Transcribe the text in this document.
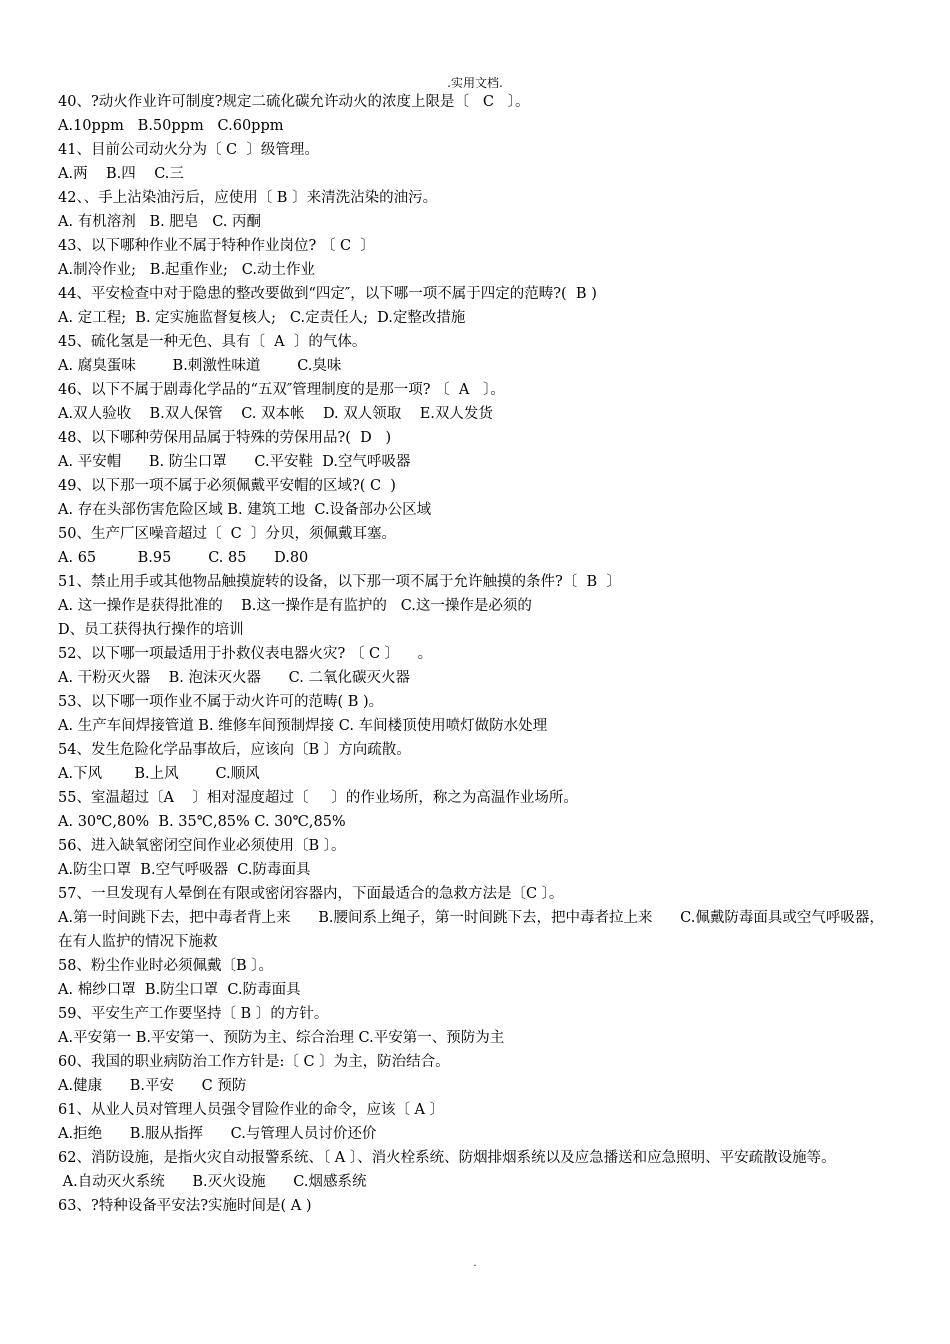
.实用文档.
40、?动火作业许可制度?规定二硫化碳允许动火的浓度上限是〔   C   〕。
A.10ppm   B.50ppm   C.60ppm
41、目前公司动火分为〔 C  〕级管理。
A.两    B.四    C.三
42、、手上沾染油污后，应使用〔 B 〕来清洗沾染的油污。
A. 有机溶剂   B. 肥皂   C. 丙酮
43、以下哪种作业不属于特种作业岗位? 〔 C  〕
A.制冷作业;   B.起重作业;   C.动土作业
44、平安检查中对于隐患的整改要做到“四定″，以下哪一项不属于四定的范畴?(  B )
A. 定工程;  B. 定实施监督复核人;   C.定责任人;  D.定整改措施
45、硫化氢是一种无色、具有〔  A  〕的气体。
A. 腐臭蛋味        B.刺激性味道        C.臭味
46、以下不属于剧毒化学品的“五双″管理制度的是那一项? 〔  A   〕。
A.双人验收    B.双人保管    C. 双本帐    D. 双人领取    E.双人发货
48、以下哪种劳保用品属于特殊的劳保用品?(  D   )
A. 平安帽      B. 防尘口罩      C.平安鞋  D.空气呼吸器
49、以下那一项不属于必须佩戴平安帽的区域?( C  )
A. 存在头部伤害危险区域 B. 建筑工地  C.设备部办公区域
50、生产厂区噪音超过〔  C  〕分贝，须佩戴耳塞。
A. 65         B.95        C. 85      D.80
51、禁止用手或其他物品触摸旋转的设备，以下那一项不属于允许触摸的条件?〔  B  〕
A. 这一操作是获得批准的    B.这一操作是有监护的   C.这一操作是必须的
D、员工获得执行操作的培训
52、以下哪一项最适用于扑救仪表电器火灾? 〔 C 〕    。
A. 干粉灭火器    B. 泡沫灭火器      C. 二氧化碳灭火器
53、以下哪一项作业不属于动火许可的范畴( B )。
A. 生产车间焊接管道 B. 维修车间预制焊接 C. 车间楼顶使用喷灯做防水处理
54、发生危险化学品事故后，应该向〔B 〕方向疏散。
A.下风       B.上风        C.顺风
55、室温超过〔A    〕相对湿度超过〔     〕的作业场所，称之为高温作业场所。
A. 30℃,80%  B. 35℃,85% C. 30℃,85%
56、进入缺氧密闭空间作业必须使用〔B 〕。
A.防尘口罩  B.空气呼吸器  C.防毒面具
57、一旦发现有人晕倒在有限或密闭容器内，下面最适合的急救方法是〔C 〕。
A.第一时间跳下去，把中毒者背上来      B.腰间系上绳子，第一时间跳下去，把中毒者拉上来      C.佩戴防毒面具或空气呼吸器，在有人监护的情况下施救
58、粉尘作业时必须佩戴〔B 〕。
A. 棉纱口罩  B.防尘口罩  C.防毒面具
59、平安生产工作要坚持〔 B 〕的方针。
A.平安第一 B.平安第一、预防为主、综合治理 C.平安第一、预防为主
60、我国的职业病防治工作方针是:〔 C 〕为主，防治结合。
A.健康      B.平安      C 预防
61、从业人员对管理人员强令冒险作业的命令，应该〔 A 〕
A.拒绝      B.服从指挥      C.与管理人员讨价还价
62、消防设施，是指火灾自动报警系统、〔 A 〕、消火栓系统、防烟排烟系统以及应急播送和应急照明、平安疏散设施等。
A.自动灭火系统      B.灭火设施      C.烟感系统
63、?特种设备平安法?实施时间是( A )
.
